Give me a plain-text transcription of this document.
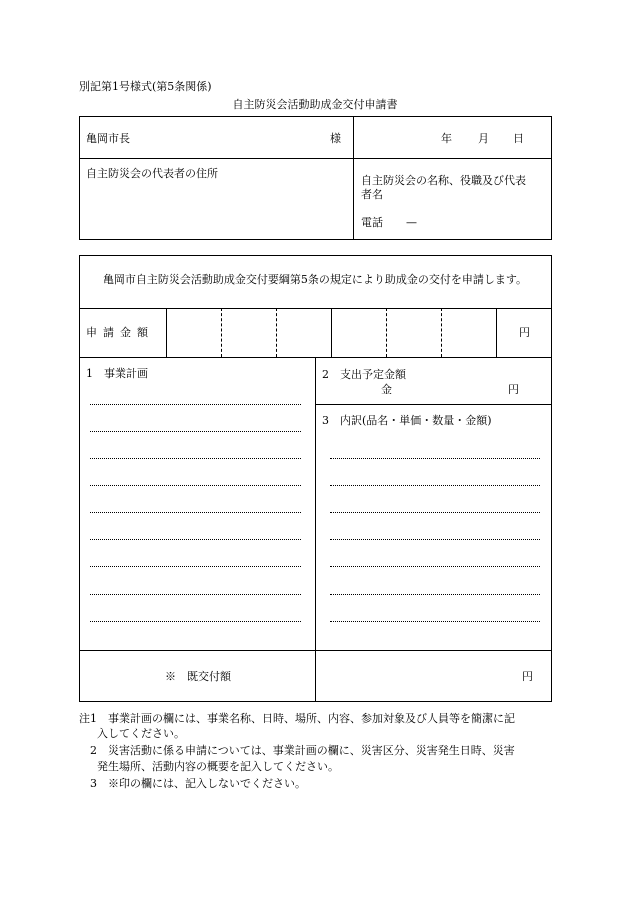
別記第1号様式(第5条関係)
自主防災会活動助成金交付申請書
亀岡市長	様	年 月 日
自主防災会の代表者の住所
自主防災会の名称、役職及び代表
者名
電話 —
亀岡市自主防災会活動助成金交付要綱第5条の規定により助成金の交付を申請します。
申請金額	円
1　事業計画	2　支出予定金額
金	円
3　内訳(品名・単価・数量・金額)
※　既交付額	円
注1　事業計画の欄には、事業名称、日時、場所、内容、参加対象及び人員等を簡潔に記
入してください。
2　災害活動に係る申請については、事業計画の欄に、災害区分、災害発生日時、災害
発生場所、活動内容の概要を記入してください。
3　※印の欄には、記入しないでください。
